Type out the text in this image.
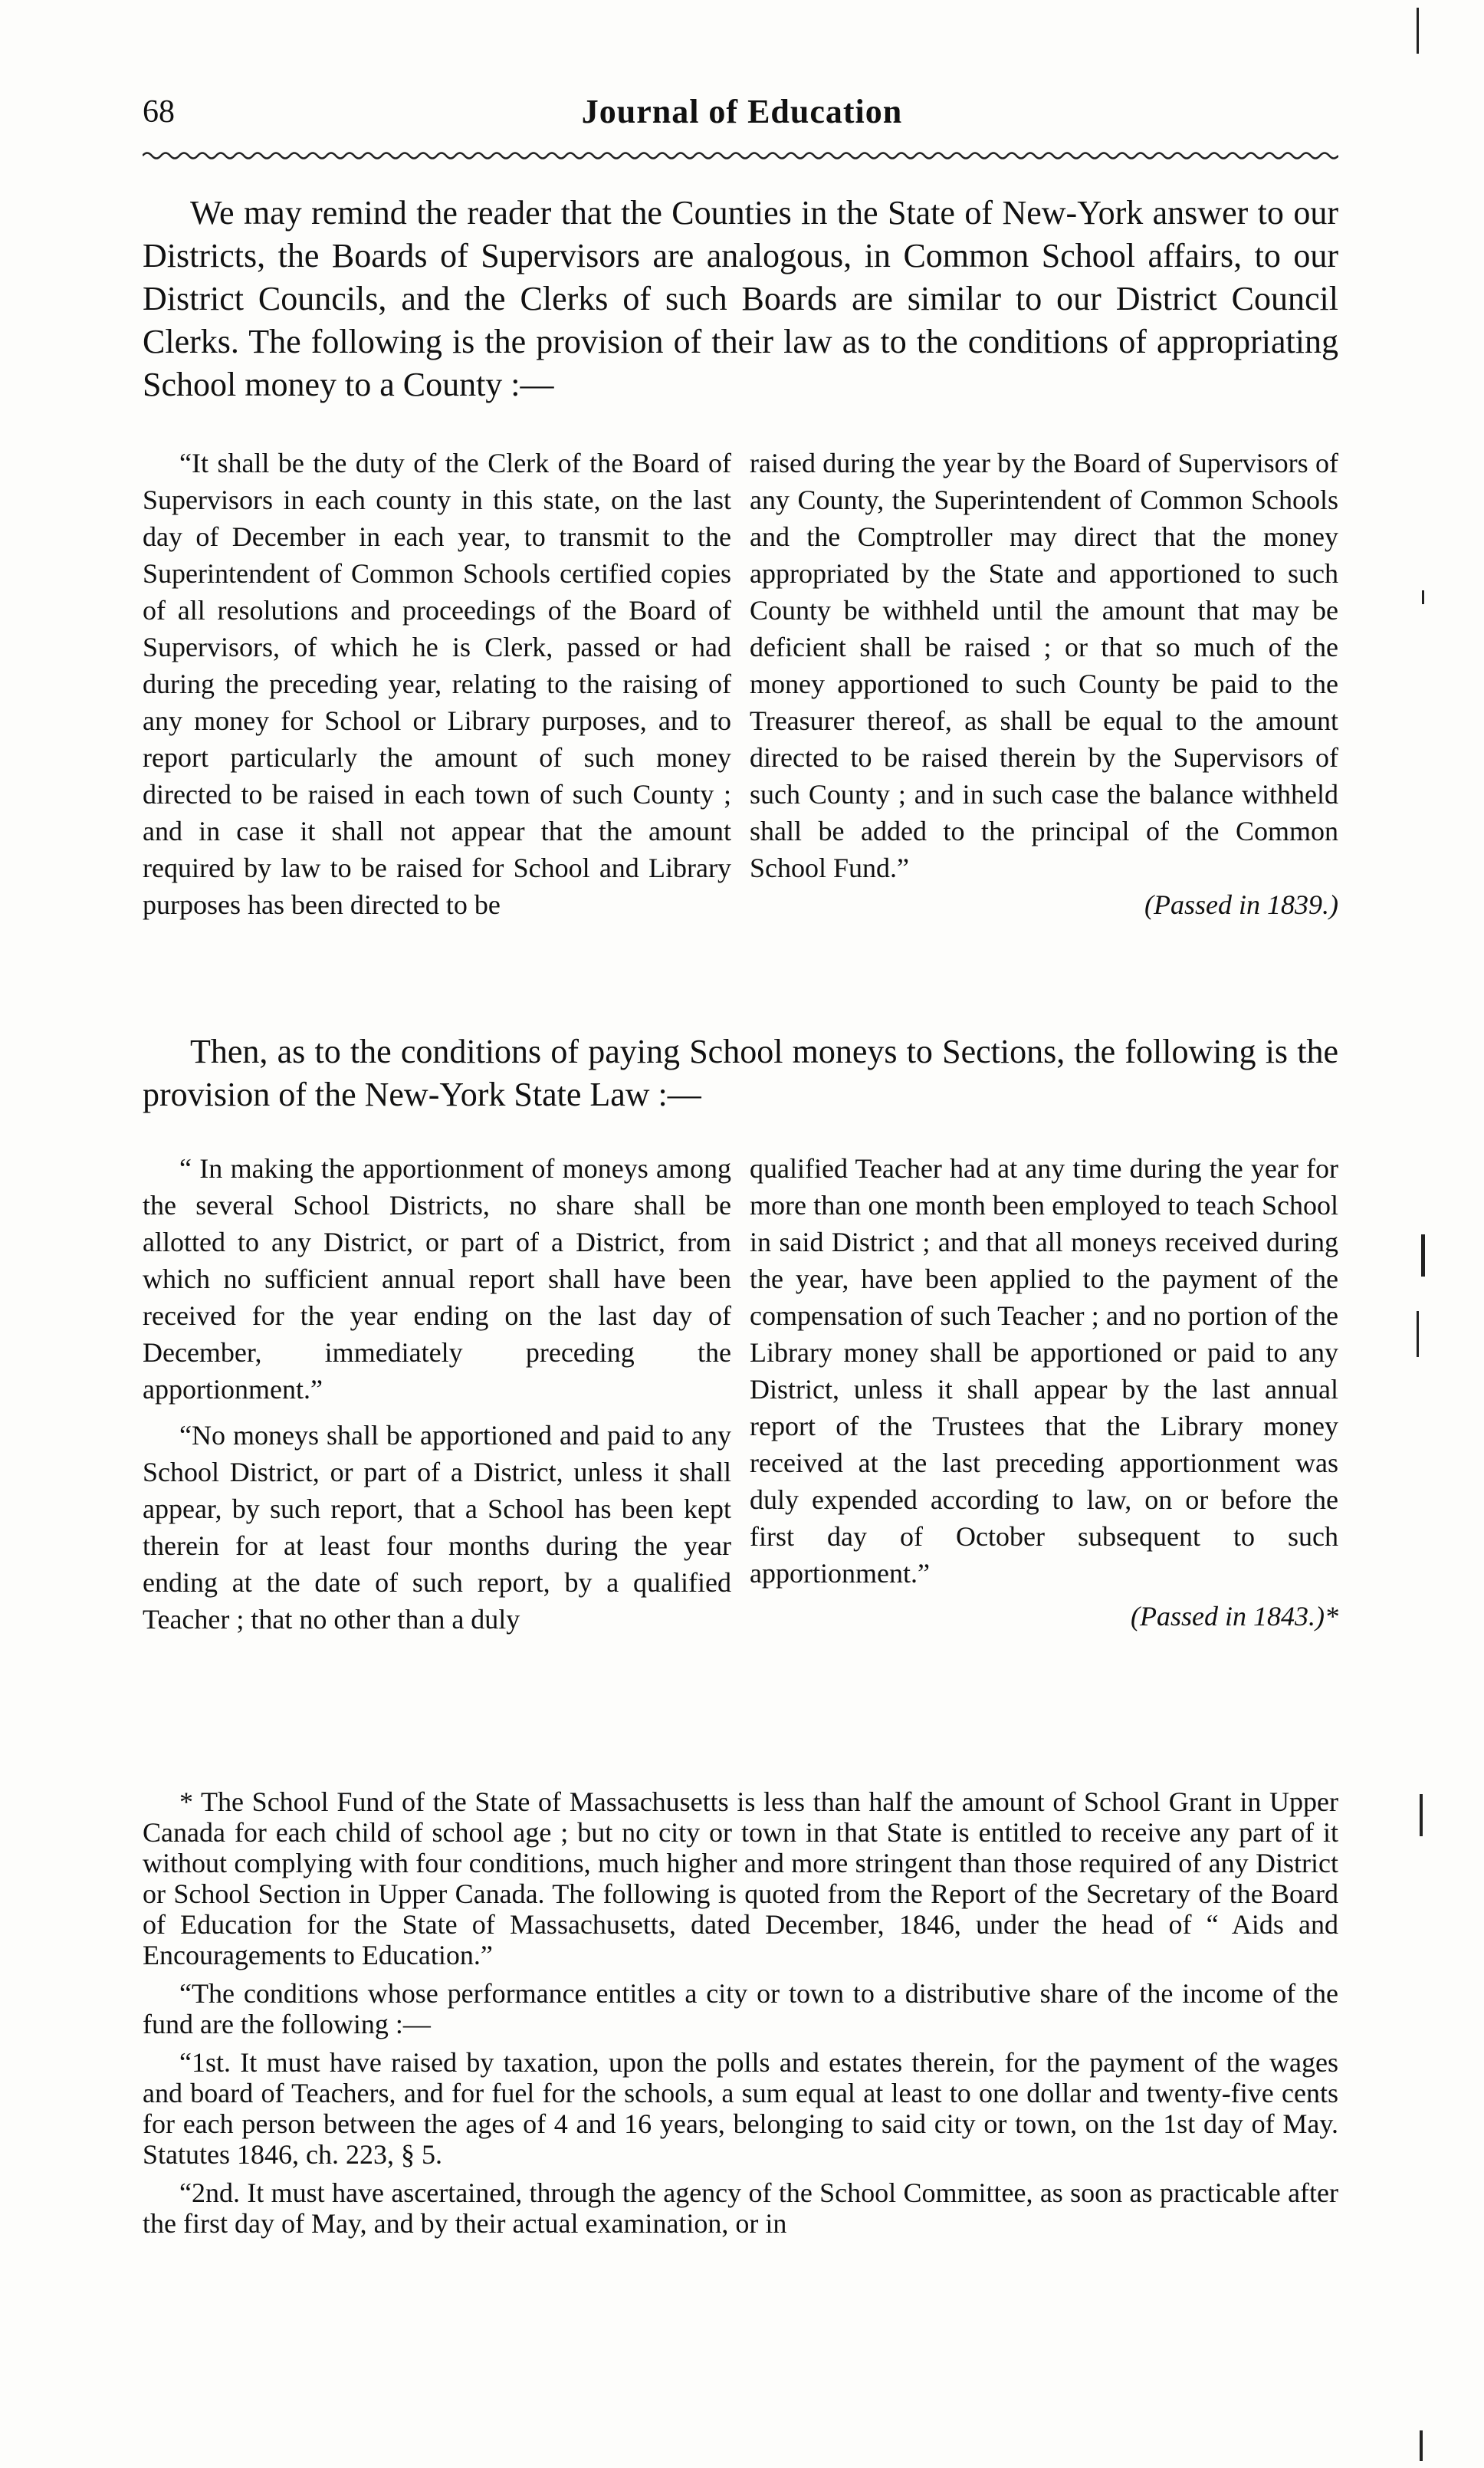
68	Journal of Education

We may remind the reader that the Counties in the State of New-York answer to our Districts, the Boards of Supervisors are analogous, in Common School affairs, to our District Councils, and the Clerks of such Boards are similar to our District Council Clerks. The following is the provision of their law as to the conditions of appropriating School money to a County :—

“It shall be the duty of the Clerk of the Board of Supervisors in each county in this state, on the last day of December in each year, to transmit to the Superintendent of Common Schools certified copies of all resolutions and proceedings of the Board of Supervisors, of which he is Clerk, passed or had during the preceding year, relating to the raising of any money for School or Library purposes, and to report particularly the amount of such money directed to be raised in each town of such County ; and in case it shall not appear that the amount required by law to be raised for School and Library purposes has been directed to be

raised during the year by the Board of Supervisors of any County, the Superintendent of Common Schools and the Comptroller may direct that the money appropriated by the State and apportioned to such County be withheld until the amount that may be deficient shall be raised ; or that so much of the money apportioned to such County be paid to the Treasurer thereof, as shall be equal to the amount directed to be raised therein by the Supervisors of such County ; and in such case the balance withheld shall be added to the principal of the Common School Fund.”

(Passed in 1839.)

Then, as to the conditions of paying School moneys to Sections, the following is the provision of the New-York State Law :—

“ In making the apportionment of moneys among the several School Districts, no share shall be allotted to any District, or part of a District, from which no sufficient annual report shall have been received for the year ending on the last day of December, immediately preceding the apportionment.”

“No moneys shall be apportioned and paid to any School District, or part of a District, unless it shall appear, by such report, that a School has been kept therein for at least four months during the year ending at the date of such report, by a qualified Teacher ; that no other than a duly

qualified Teacher had at any time during the year for more than one month been employed to teach School in said District ; and that all moneys received during the year, have been applied to the payment of the compensation of such Teacher ; and no portion of the Library money shall be apportioned or paid to any District, unless it shall appear by the last annual report of the Trustees that the Library money received at the last preceding apportionment was duly expended according to law, on or before the first day of October subsequent to such apportionment.”

(Passed in 1843.)*

* The School Fund of the State of Massachusetts is less than half the amount of School Grant in Upper Canada for each child of school age ; but no city or town in that State is entitled to receive any part of it without complying with four conditions, much higher and more stringent than those required of any District or School Section in Upper Canada. The following is quoted from the Report of the Secretary of the Board of Education for the State of Massachusetts, dated December, 1846, under the head of “ Aids and Encouragements to Education.”

“The conditions whose performance entitles a city or town to a distributive share of the income of the fund are the following :—

“1st. It must have raised by taxation, upon the polls and estates therein, for the payment of the wages and board of Teachers, and for fuel for the schools, a sum equal at least to one dollar and twenty-five cents for each person between the ages of 4 and 16 years, belonging to said city or town, on the 1st day of May. Statutes 1846, ch. 223, § 5.

“2nd. It must have ascertained, through the agency of the School Committee, as soon as practicable after the first day of May, and by their actual examination, or in
